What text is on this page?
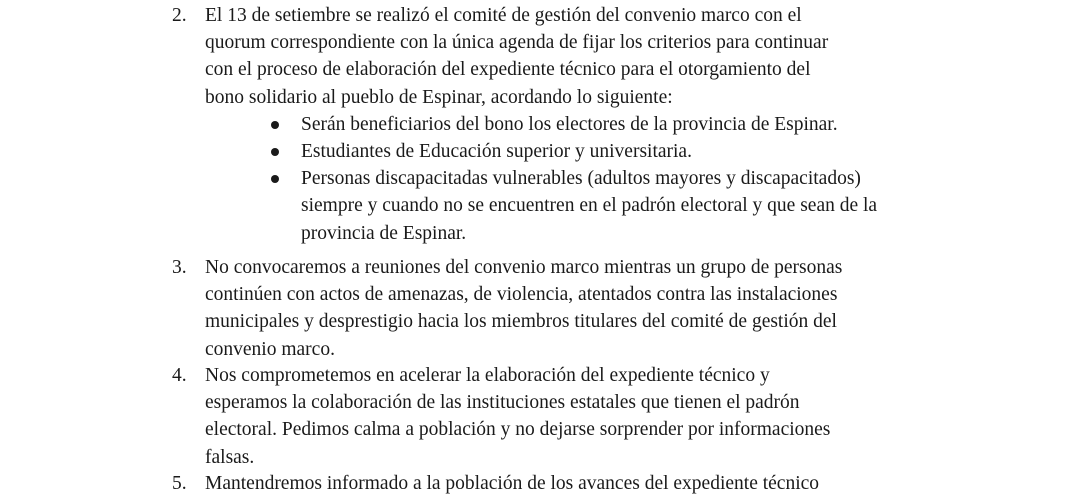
2. El 13 de setiembre se realizó el comité de gestión del convenio marco con el
quorum correspondiente con la única agenda de fijar los criterios para continuar
con el proceso de elaboración del expediente técnico para el otorgamiento del
bono solidario al pueblo de Espinar, acordando lo siguiente:
Serán beneficiarios del bono los electores de la provincia de Espinar.
Estudiantes de Educación superior y universitaria.
Personas discapacitadas vulnerables (adultos mayores y discapacitados)
siempre y cuando no se encuentren en el padrón electoral y que sean de la
provincia de Espinar.
3. No convocaremos a reuniones del convenio marco mientras un grupo de personas
continúen con actos de amenazas, de violencia, atentados contra las instalaciones
municipales y desprestigio hacia los miembros titulares del comité de gestión del
convenio marco.
4. Nos comprometemos en acelerar la elaboración del expediente técnico y
esperamos la colaboración de las instituciones estatales que tienen el padrón
electoral. Pedimos calma a población y no dejarse sorprender por informaciones
falsas.
5. Mantendremos informado a la población de los avances del expediente técnico
